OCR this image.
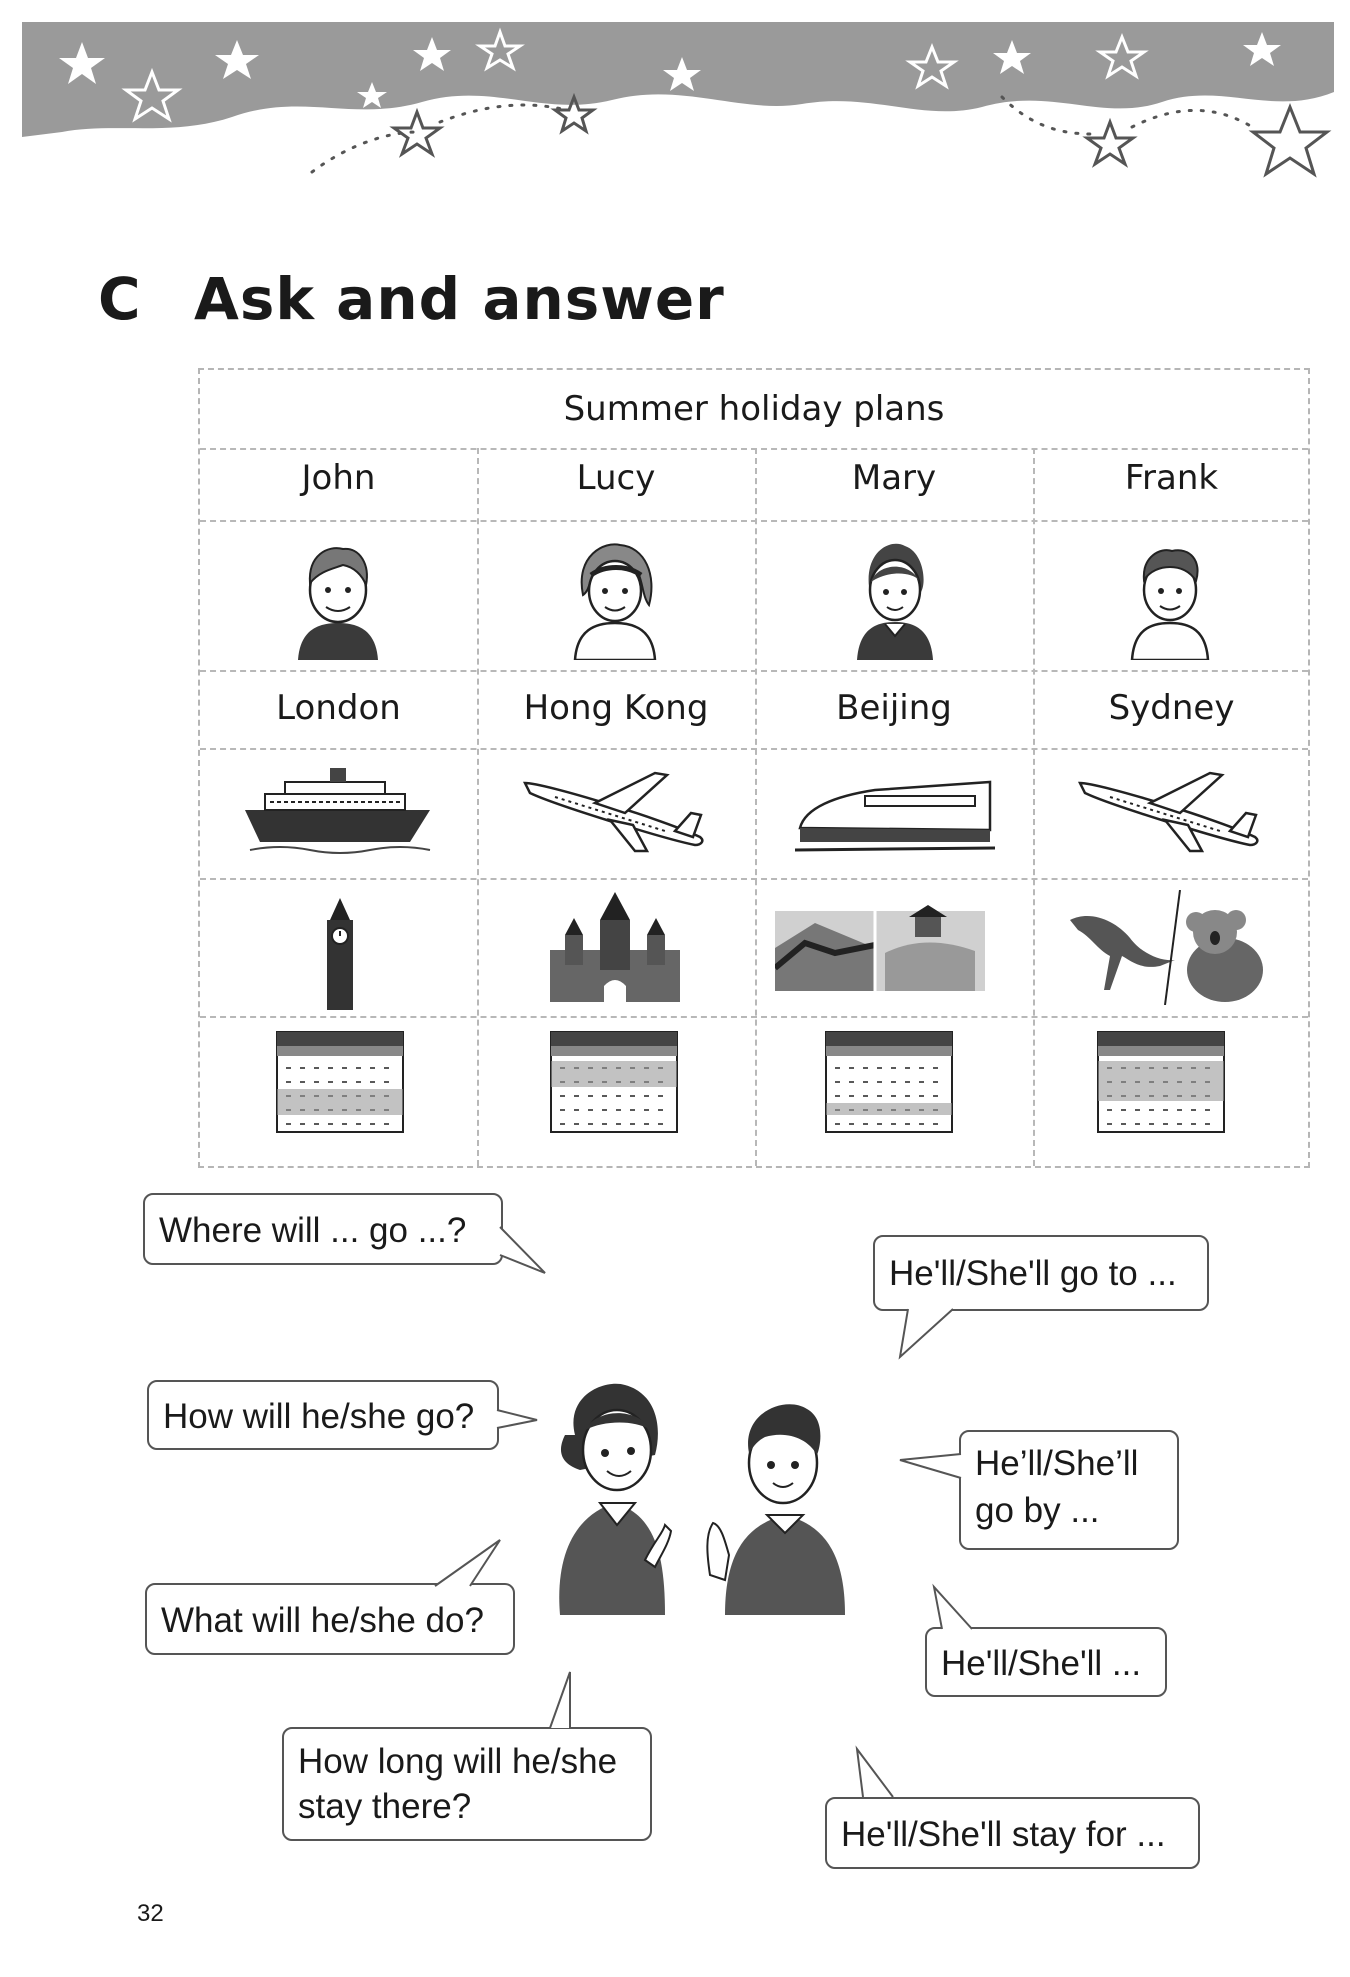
C Ask and answer
Summer holiday plans
John	Lucy	Mary	Frank
London	Hong Kong	Beijing	Sydney
Where will ... go ...?
How will he/she go?
What will he/she do?
How long will he/she
stay there?
He'll/She'll go to ...
He’ll/She’ll
go by ...
He'll/She'll ...
He'll/She'll stay for ...
32
